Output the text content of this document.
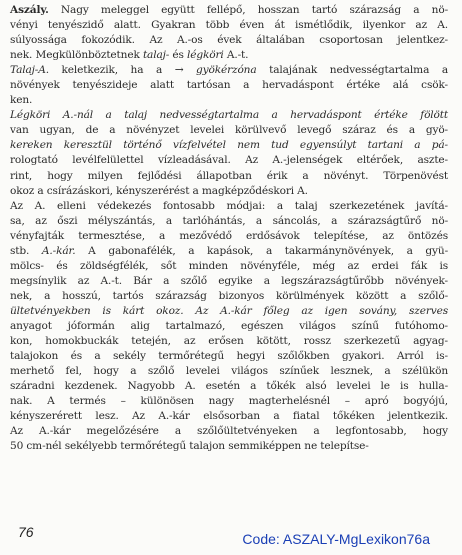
Aszály. Nagy meleggel együtt fellépő, hosszan tartó szárazság a nö-
vényi tenyészidő alatt. Gyakran több éven át ismétlődik, ilyenkor az A.
súlyossága fokozódik. Az A.-os évek általában csoportosan jelentkez-
nek. Megkülönböztetnek talaj- és légköri A.-t.
Talaj-A. keletkezik, ha a → gyökérzóna talajának nedvességtartalma a
növények tenyészideje alatt tartósan a hervadáspont értéke alá csök-
ken.
Légköri A.-nál a talaj nedvességtartalma a hervadáspont értéke fölött
van ugyan, de a növényzet levelei körülvevő levegő száraz és a gyö-
kereken keresztül történő vízfelvétel nem tud egyensúlyt tartani a pá-
rologtató levélfelülettel vízleadásával. Az A.-jelenségek eltérőek, aszte-
rint, hogy milyen fejlődési állapotban érik a növényt. Törpenövést
okoz a csírázáskori, kényszerérést a magképződéskori A.
Az A. elleni védekezés fontosabb módjai: a talaj szerkezetének javítá-
sa, az őszi mélyszántás, a tarlóhántás, a sáncolás, a szárazságtűrő nö-
vényfajták termesztése, a mezővédő erdősávok telepítése, az öntözés
stb. A.-kár. A gabonafélék, a kapások, a takarmánynövények, a gyü-
mölcs- és zöldségfélék, sőt minden növényféle, még az erdei fák is
megsínylik az A.-t. Bár a szőlő egyike a legszárazságtűrőbb növények-
nek, a hosszú, tartós szárazság bizonyos körülmények között a szőlő-
ültetvényekben is kárt okoz. Az A.-kár főleg az igen sovány, szerves
anyagot jóformán alig tartalmazó, egészen világos színű futóhomo-
kon, homokbuckák tetején, az erősen kötött, rossz szerkezetű agyag-
talajokon és a sekély termőrétegű hegyi szőlőkben gyakori. Arról is-
merhető fel, hogy a szőlő levelei világos színűek lesznek, a szélükön
száradni kezdenek. Nagyobb A. esetén a tőkék alsó levelei le is hulla-
nak. A termés – különösen nagy magterhelésnél – apró bogyójú,
kényszerérett lesz. Az A.-kár elsősorban a fiatal tőkéken jelentkezik.
Az A.-kár megelőzésére a szőlőültetvényeken a legfontosabb, hogy
50 cm-nél sekélyebb termőrétegű talajon semmiképpen ne telepítse-
76	Code: ASZALY-MgLexikon76a
